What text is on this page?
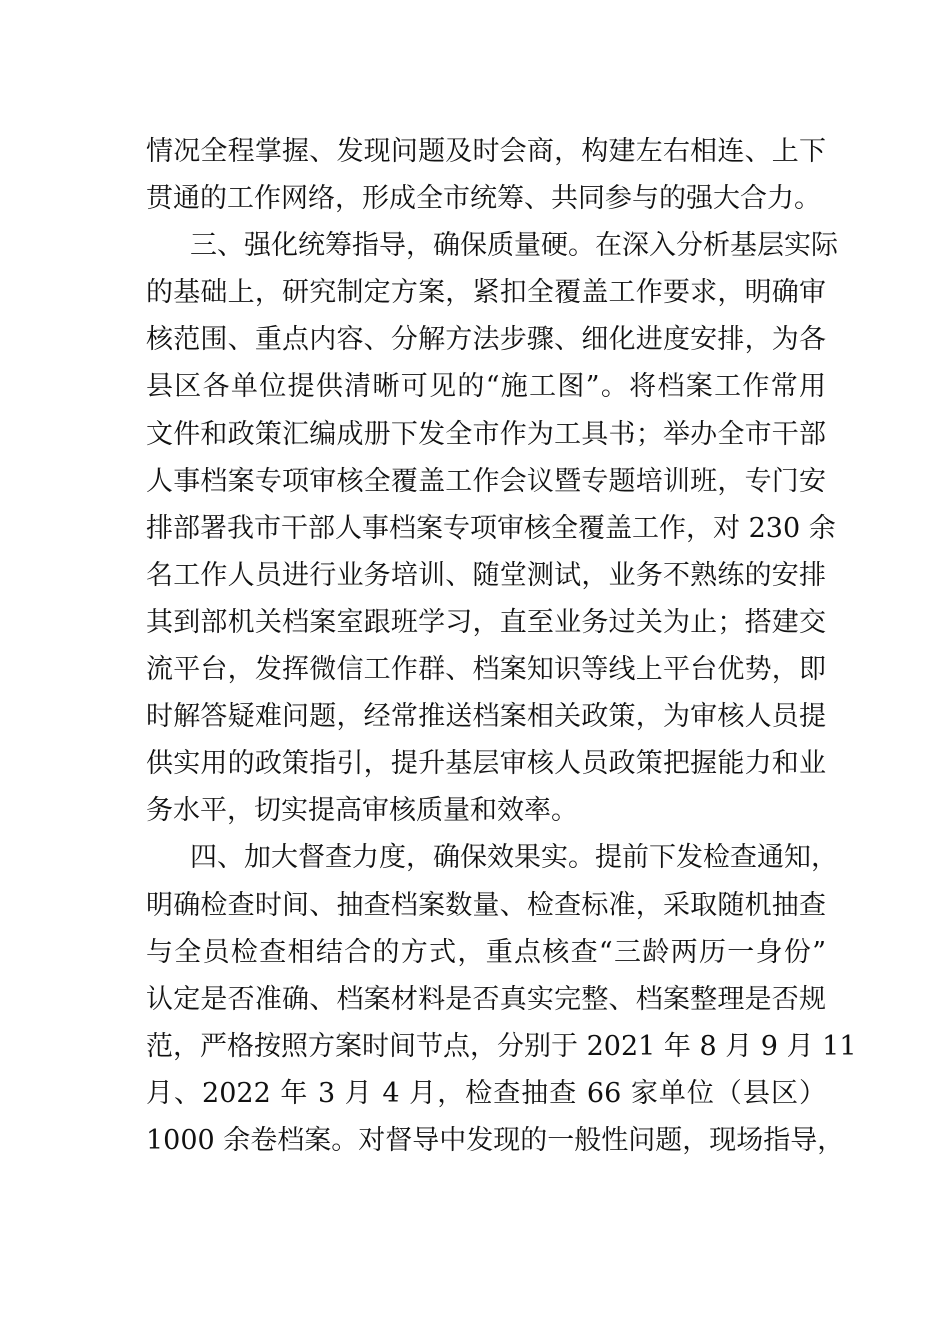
情况全程掌握、发现问题及时会商，构建左右相连、上下
贯通的工作网络，形成全市统筹、共同参与的强大合力。
三、强化统筹指导，确保质量硬。在深入分析基层实际
的基础上，研究制定方案，紧扣全覆盖工作要求，明确审
核范围、重点内容、分解方法步骤、细化进度安排，为各
县区各单位提供清晰可见的“施工图”。将档案工作常用
文件和政策汇编成册下发全市作为工具书；举办全市干部
人事档案专项审核全覆盖工作会议暨专题培训班，专门安
排部署我市干部人事档案专项审核全覆盖工作，对 230 余
名工作人员进行业务培训、随堂测试，业务不熟练的安排
其到部机关档案室跟班学习，直至业务过关为止；搭建交
流平台，发挥微信工作群、档案知识等线上平台优势，即
时解答疑难问题，经常推送档案相关政策，为审核人员提
供实用的政策指引，提升基层审核人员政策把握能力和业
务水平，切实提高审核质量和效率。
四、加大督查力度，确保效果实。提前下发检查通知，
明确检查时间、抽查档案数量、检查标准，采取随机抽查
与全员检查相结合的方式，重点核查“三龄两历一身份”
认定是否准确、档案材料是否真实完整、档案整理是否规
范，严格按照方案时间节点，分别于 2021 年 8 月 9 月 11
月、2022 年 3 月 4 月，检查抽查 66 家单位（县区）
1000 余卷档案。对督导中发现的一般性问题，现场指导，
